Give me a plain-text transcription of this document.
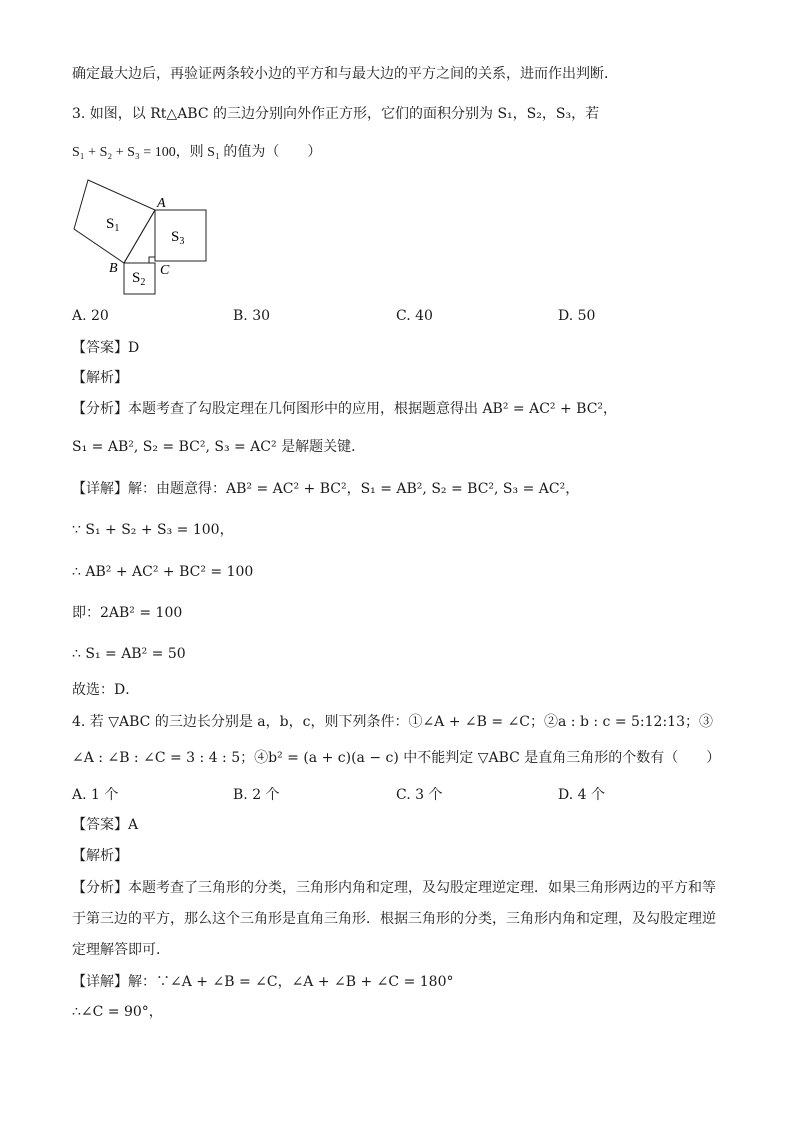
确定最大边后，再验证两条较小边的平方和与最大边的平方之间的关系，进而作出判断．
3. 如图，以 Rt△ABC 的三边分别向外作正方形，它们的面积分别为 S₁，S₂，S₃，若
S₁ + S₂ + S₃ = 100，则 S₁ 的值为（　　）
$S_1$
$S_3$
$S_2$
A
B	C
A. 20	B. 30	C. 40	D. 50
【答案】D
【解析】
【分析】本题考查了勾股定理在几何图形中的应用，根据题意得出 AB² = AC² + BC²，
S₁ = AB², S₂ = BC², S₃ = AC² 是解题关键．
【详解】解：由题意得：AB² = AC² + BC²，S₁ = AB², S₂ = BC², S₃ = AC²，
∵ S₁ + S₂ + S₃ = 100，
∴ AB² + AC² + BC² = 100
即：2AB² = 100
∴ S₁ = AB² = 50
故选：D．
4. 若 ▽ABC 的三边长分别是 a，b，c，则下列条件：①∠A + ∠B = ∠C；②a : b : c = 5:12:13；③
∠A : ∠B : ∠C = 3 : 4 : 5；④b² = (a + c)(a − c) 中不能判定 ▽ABC 是直角三角形的个数有（　　）
A. 1 个	B. 2 个	C. 3 个	D. 4 个
【答案】A
【解析】
【分析】本题考查了三角形的分类，三角形内角和定理，及勾股定理逆定理．如果三角形两边的平方和等
于第三边的平方，那么这个三角形是直角三角形．根据三角形的分类，三角形内角和定理，及勾股定理逆
定理解答即可．
【详解】解：∵∠A + ∠B = ∠C，∠A + ∠B + ∠C = 180°
∴∠C = 90°，
